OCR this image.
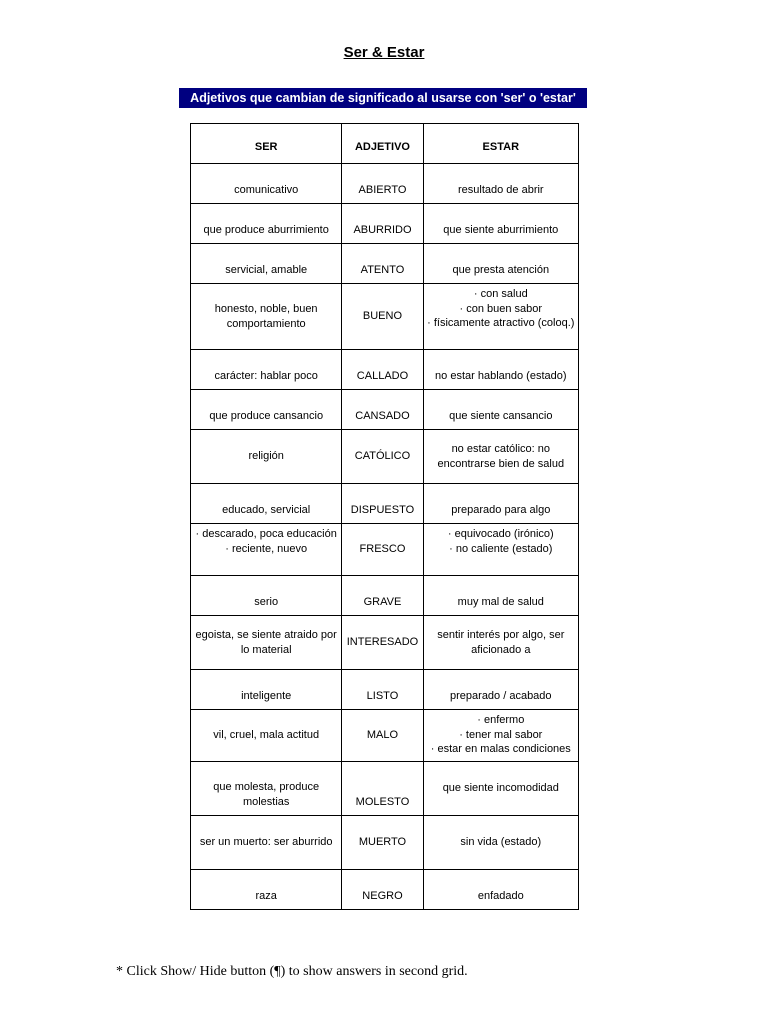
Ser & Estar
Adjetivos que cambian de significado al usarse con 'ser' o 'estar'
SER	ADJETIVO	ESTAR
comunicativo	ABIERTO	resultado de abrir
que produce aburrimiento	ABURRIDO	que siente aburrimiento
servicial, amable	ATENTO	que presta atención
honesto, noble, buen comportamiento	BUENO	· con salud
· con buen sabor
· físicamente atractivo (coloq.)
carácter: hablar poco	CALLADO	no estar hablando (estado)
que produce cansancio	CANSADO	que siente cansancio
religión	CATÓLICO	no estar católico: no encontrarse bien de salud
educado, servicial	DISPUESTO	preparado para algo
· descarado, poca educación
· reciente, nuevo	FRESCO	· equivocado (irónico)
· no caliente (estado)
serio	GRAVE	muy mal de salud
egoista, se siente atraido por lo material	INTERESADO	sentir interés por algo, ser aficionado a
inteligente	LISTO	preparado / acabado
vil, cruel, mala actitud	MALO	· enfermo
· tener mal sabor
· estar en malas condiciones
que molesta, produce molestias	MOLESTO	que siente incomodidad
ser un muerto: ser aburrido	MUERTO	sin vida (estado)
raza	NEGRO	enfadado
* Click Show/ Hide button (¶) to show answers in second grid.
